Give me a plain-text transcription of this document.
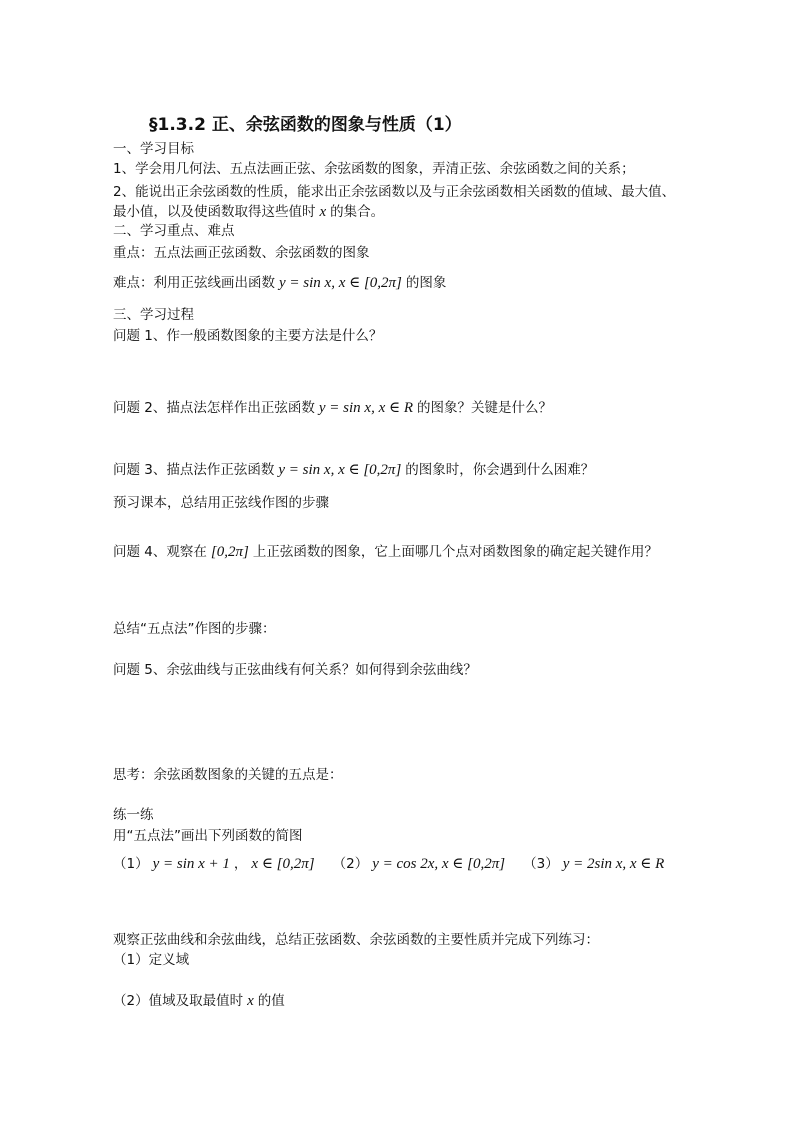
§1.3.2 正、余弦函数的图象与性质（1）
一、学习目标
1、学会用几何法、五点法画正弦、余弦函数的图象，弄清正弦、余弦函数之间的关系；
2、能说出正余弦函数的性质，能求出正余弦函数以及与正余弦函数相关函数的值域、最大值、
最小值，以及使函数取得这些值时 x 的集合。
二、学习重点、难点
重点：五点法画正弦函数、余弦函数的图象
难点：利用正弦线画出函数 y = sin x, x ∈ [0,2π] 的图象
三、学习过程
问题 1、作一般函数图象的主要方法是什么？
问题 2、描点法怎样作出正弦函数 y = sin x, x ∈ R 的图象？关键是什么？
问题 3、描点法作正弦函数 y = sin x, x ∈ [0,2π] 的图象时，你会遇到什么困难？
预习课本，总结用正弦线作图的步骤
问题 4、观察在 [0,2π] 上正弦函数的图象，它上面哪几个点对函数图象的确定起关键作用？
总结“五点法”作图的步骤：
问题 5、余弦曲线与正弦曲线有何关系？如何得到余弦曲线？
思考：余弦函数图象的关键的五点是：
练一练
用“五点法”画出下列函数的简图
（1） y = sin x + 1 ， x ∈ [0,2π] （2） y = cos 2x, x ∈ [0,2π] （3） y = 2sin x, x ∈ R
观察正弦曲线和余弦曲线，总结正弦函数、余弦函数的主要性质并完成下列练习：
（1）定义域
（2）值域及取最值时 x 的值
